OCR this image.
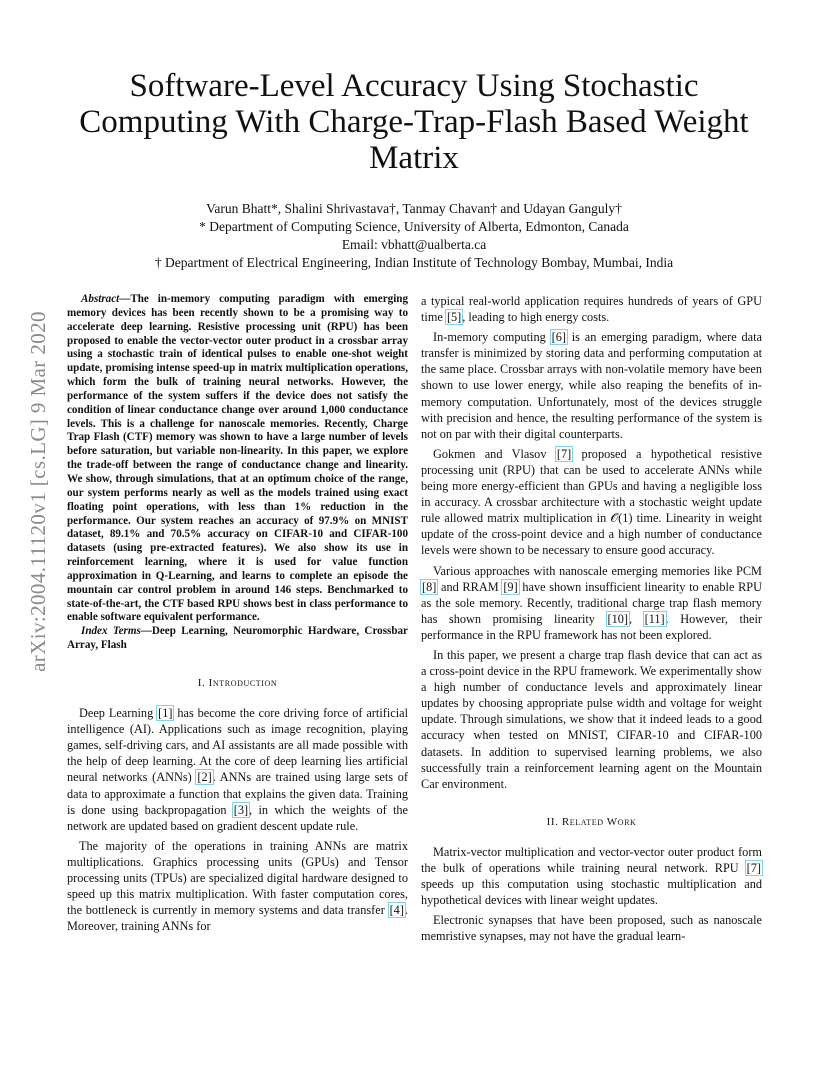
arXiv:2004.11120v1 [cs.LG] 9 Mar 2020
Software-Level Accuracy Using Stochastic Computing With Charge-Trap-Flash Based Weight Matrix
Varun Bhatt*, Shalini Shrivastava†, Tanmay Chavan† and Udayan Ganguly†
* Department of Computing Science, University of Alberta, Edmonton, Canada
Email: vbhatt@ualberta.ca
† Department of Electrical Engineering, Indian Institute of Technology Bombay, Mumbai, India

Abstract—The in-memory computing paradigm with emerging memory devices has been recently shown to be a promising way to accelerate deep learning. Resistive processing unit (RPU) has been proposed to enable the vector-vector outer product in a crossbar array using a stochastic train of identical pulses to enable one-shot weight update, promising intense speed-up in matrix multiplication operations, which form the bulk of training neural networks. However, the performance of the system suffers if the device does not satisfy the condition of linear conductance change over around 1,000 conductance levels. This is a challenge for nanoscale memories. Recently, Charge Trap Flash (CTF) memory was shown to have a large number of levels before saturation, but variable non-linearity. In this paper, we explore the trade-off between the range of conductance change and linearity. We show, through simulations, that at an optimum choice of the range, our system performs nearly as well as the models trained using exact floating point operations, with less than 1% reduction in the performance. Our system reaches an accuracy of 97.9% on MNIST dataset, 89.1% and 70.5% accuracy on CIFAR-10 and CIFAR-100 datasets (using pre-extracted features). We also show its use in reinforcement learning, where it is used for value function approximation in Q-Learning, and learns to complete an episode the mountain car control problem in around 146 steps. Benchmarked to state-of-the-art, the CTF based RPU shows best in class performance to enable software equivalent performance.

Index Terms—Deep Learning, Neuromorphic Hardware, Crossbar Array, Flash

I. Introduction

Deep Learning [1] has become the core driving force of artificial intelligence (AI). Applications such as image recognition, playing games, self-driving cars, and AI assistants are all made possible with the help of deep learning. At the core of deep learning lies artificial neural networks (ANNs) [2]. ANNs are trained using large sets of data to approximate a function that explains the given data. Training is done using backpropagation [3], in which the weights of the network are updated based on gradient descent update rule.

The majority of the operations in training ANNs are matrix multiplications. Graphics processing units (GPUs) and Tensor processing units (TPUs) are specialized digital hardware designed to speed up this matrix multiplication. With faster computation cores, the bottleneck is currently in memory systems and data transfer [4]. Moreover, training ANNs for

a typical real-world application requires hundreds of years of GPU time [5], leading to high energy costs.

In-memory computing [6] is an emerging paradigm, where data transfer is minimized by storing data and performing computation at the same place. Crossbar arrays with non-volatile memory have been shown to use lower energy, while also reaping the benefits of in-memory computation. Unfortunately, most of the devices struggle with precision and hence, the resulting performance of the system is not on par with their digital counterparts.

Gokmen and Vlasov [7] proposed a hypothetical resistive processing unit (RPU) that can be used to accelerate ANNs while being more energy-efficient than GPUs and having a negligible loss in accuracy. A crossbar architecture with a stochastic weight update rule allowed matrix multiplication in 𝒪(1) time. Linearity in weight update of the cross-point device and a high number of conductance levels were shown to be necessary to ensure good accuracy.

Various approaches with nanoscale emerging memories like PCM [8] and RRAM [9] have shown insufficient linearity to enable RPU as the sole memory. Recently, traditional charge trap flash memory has shown promising linearity [10], [11]. However, their performance in the RPU framework has not been explored.

In this paper, we present a charge trap flash device that can act as a cross-point device in the RPU framework. We experimentally show a high number of conductance levels and approximately linear updates by choosing appropriate pulse width and voltage for weight update. Through simulations, we show that it indeed leads to a good accuracy when tested on MNIST, CIFAR-10 and CIFAR-100 datasets. In addition to supervised learning problems, we also successfully train a reinforcement learning agent on the Mountain Car environment.

II. Related Work

Matrix-vector multiplication and vector-vector outer product form the bulk of operations while training neural network. RPU [7] speeds up this computation using stochastic multiplication and hypothetical devices with linear weight updates.

Electronic synapses that have been proposed, such as nanoscale memristive synapses, may not have the gradual learn-
